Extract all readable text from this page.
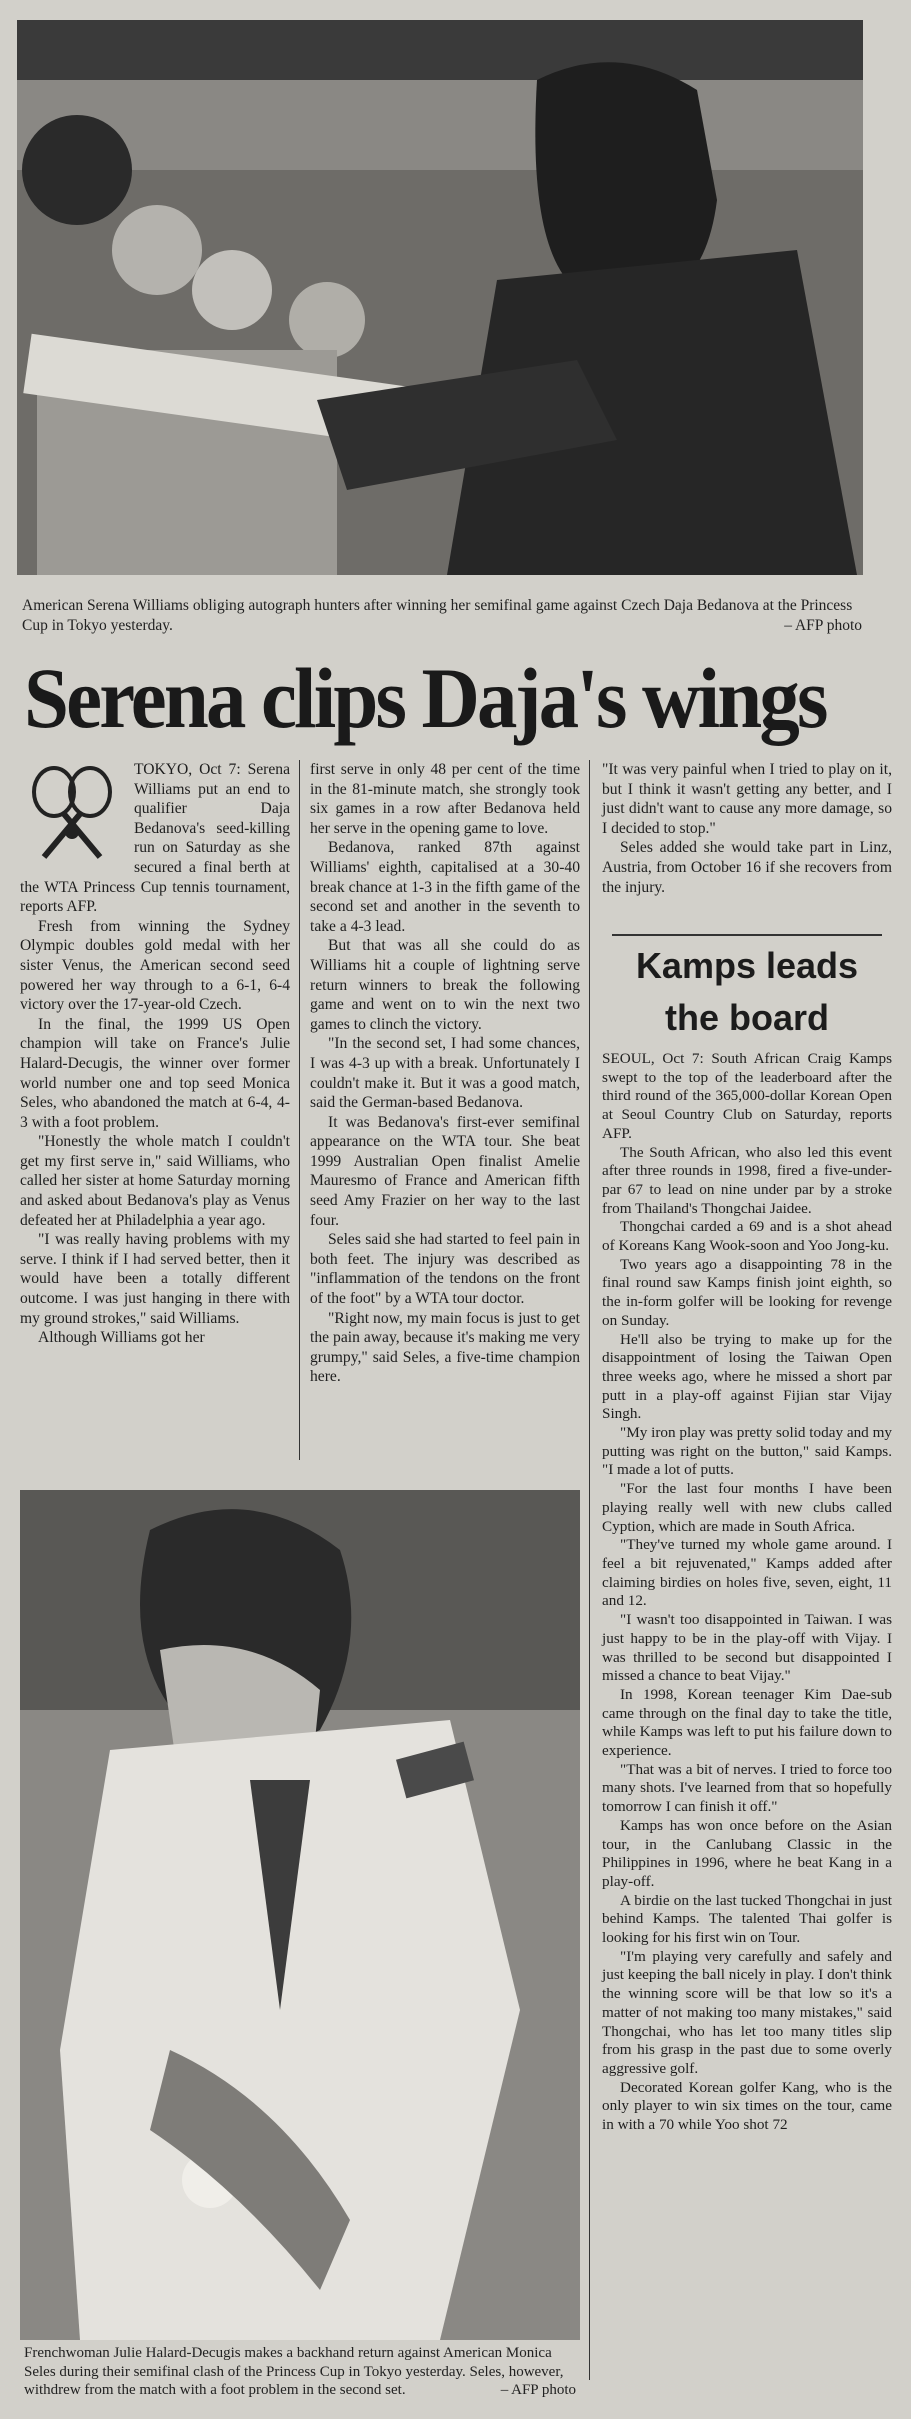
American Serena Williams obliging autograph hunters after winning her semifinal game against Czech Daja Bedanova at the Princess Cup in Tokyo yesterday.	– AFP photo
Serena clips Daja's wings

TOKYO, Oct 7: Serena Williams put an end to qualifier Daja Bedanova's seed-killing run on Saturday as she secured a final berth at the WTA Princess Cup tennis tournament, reports AFP.

Fresh from winning the Sydney Olympic doubles gold medal with her sister Venus, the American second seed powered her way through to a 6-1, 6-4 victory over the 17-year-old Czech.

In the final, the 1999 US Open champion will take on France's Julie Halard-Decugis, the winner over former world number one and top seed Monica Seles, who abandoned the match at 6-4, 4-3 with a foot problem.

"Honestly the whole match I couldn't get my first serve in," said Williams, who called her sister at home Saturday morning and asked about Bedanova's play as Venus defeated her at Philadelphia a year ago.

"I was really having problems with my serve. I think if I had served better, then it would have been a totally different outcome. I was just hanging in there with my ground strokes," said Williams.

Although Williams got her

first serve in only 48 per cent of the time in the 81-minute match, she strongly took six games in a row after Bedanova held her serve in the opening game to love.

Bedanova, ranked 87th against Williams' eighth, capitalised at a 30-40 break chance at 1-3 in the fifth game of the second set and another in the seventh to take a 4-3 lead.

But that was all she could do as Williams hit a couple of lightning serve return winners to break the following game and went on to win the next two games to clinch the victory.

"In the second set, I had some chances, I was 4-3 up with a break. Unfortunately I couldn't make it. But it was a good match, said the German-based Bedanova.

It was Bedanova's first-ever semifinal appearance on the WTA tour. She beat 1999 Australian Open finalist Amelie Mauresmo of France and American fifth seed Amy Frazier on her way to the last four.

Seles said she had started to feel pain in both feet. The injury was described as "inflammation of the tendons on the front of the foot" by a WTA tour doctor.

"Right now, my main focus is just to get the pain away, because it's making me very grumpy," said Seles, a five-time champion here.

"It was very painful when I tried to play on it, but I think it wasn't getting any better, and I just didn't want to cause any more damage, so I decided to stop."

Seles added she would take part in Linz, Austria, from October 16 if she recovers from the injury.

Kamps leads
the board

SEOUL, Oct 7: South African Craig Kamps swept to the top of the leaderboard after the third round of the 365,000-dollar Korean Open at Seoul Country Club on Saturday, reports AFP.

The South African, who also led this event after three rounds in 1998, fired a five-under-par 67 to lead on nine under par by a stroke from Thailand's Thongchai Jaidee.

Thongchai carded a 69 and is a shot ahead of Koreans Kang Wook-soon and Yoo Jong-ku.

Two years ago a disappointing 78 in the final round saw Kamps finish joint eighth, so the in-form golfer will be looking for revenge on Sunday.

He'll also be trying to make up for the disappointment of losing the Taiwan Open three weeks ago, where he missed a short par putt in a play-off against Fijian star Vijay Singh.

"My iron play was pretty solid today and my putting was right on the button," said Kamps. "I made a lot of putts.

"For the last four months I have been playing really well with new clubs called Cyption, which are made in South Africa.

"They've turned my whole game around. I feel a bit rejuvenated," Kamps added after claiming birdies on holes five, seven, eight, 11 and 12.

"I wasn't too disappointed in Taiwan. I was just happy to be in the play-off with Vijay. I was thrilled to be second but disappointed I missed a chance to beat Vijay."

In 1998, Korean teenager Kim Dae-sub came through on the final day to take the title, while Kamps was left to put his failure down to experience.

"That was a bit of nerves. I tried to force too many shots. I've learned from that so hopefully tomorrow I can finish it off."

Kamps has won once before on the Asian tour, in the Canlubang Classic in the Philippines in 1996, where he beat Kang in a play-off.

A birdie on the last tucked Thongchai in just behind Kamps. The talented Thai golfer is looking for his first win on Tour.

"I'm playing very carefully and safely and just keeping the ball nicely in play. I don't think the winning score will be that low so it's a matter of not making too many mistakes," said Thongchai, who has let too many titles slip from his grasp in the past due to some overly aggressive golf.

Decorated Korean golfer Kang, who is the only player to win six times on the tour, came in with a 70 while Yoo shot 72

Frenchwoman Julie Halard-Decugis makes a backhand return against American Monica Seles during their semifinal clash of the Princess Cup in Tokyo yesterday. Seles, however, withdrew from the match with a foot problem in the second set.	– AFP photo
